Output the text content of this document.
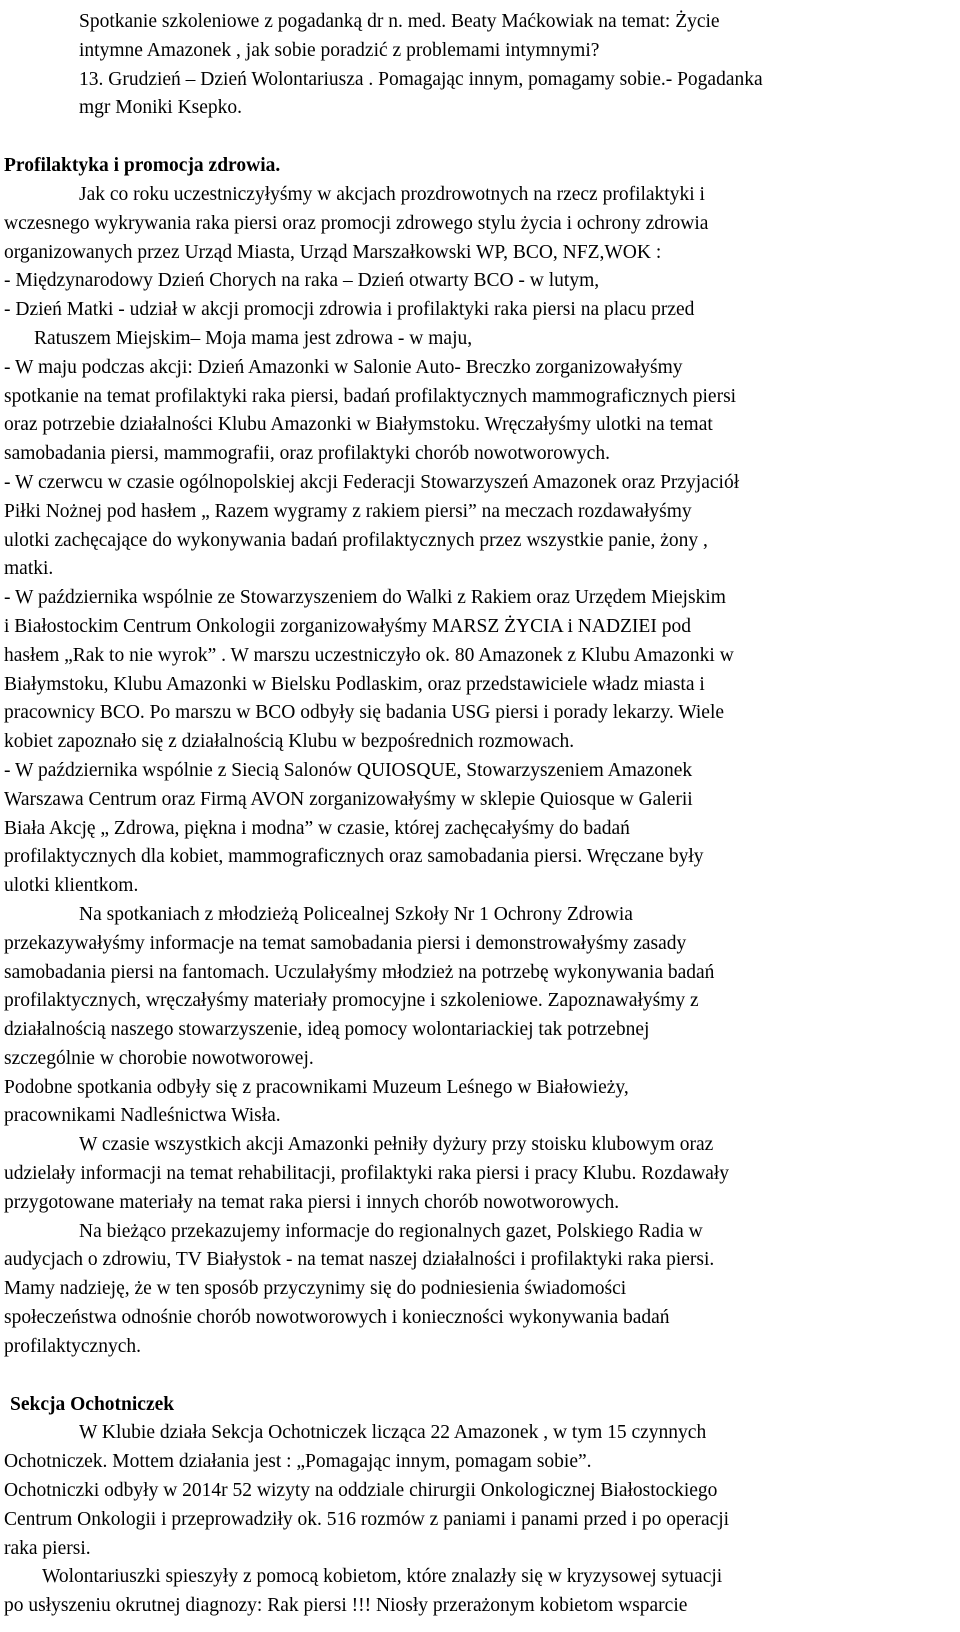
Spotkanie szkoleniowe z pogadanką dr n. med. Beaty Maćkowiak na temat: Życie

intymne Amazonek , jak sobie poradzić z problemami intymnymi?

13. Grudzień – Dzień Wolontariusza . Pomagając innym, pomagamy sobie.- Pogadanka

mgr Moniki Ksepko.

Profilaktyka i promocja zdrowia.

Jak co roku uczestniczyłyśmy w akcjach prozdrowotnych na rzecz profilaktyki i

wczesnego wykrywania raka piersi oraz promocji zdrowego stylu życia i ochrony zdrowia

organizowanych przez Urząd Miasta, Urząd Marszałkowski WP, BCO, NFZ,WOK :

- Międzynarodowy Dzień Chorych na raka – Dzień otwarty BCO - w lutym,

- Dzień Matki - udział w akcji promocji zdrowia i profilaktyki raka piersi na placu przed

Ratuszem Miejskim– Moja mama jest zdrowa - w maju,

- W maju podczas akcji: Dzień Amazonki w Salonie Auto- Breczko zorganizowałyśmy

spotkanie na temat profilaktyki raka piersi, badań profilaktycznych mammograficznych piersi

oraz potrzebie działalności Klubu Amazonki w Białymstoku. Wręczałyśmy ulotki na temat

samobadania piersi, mammografii, oraz profilaktyki chorób nowotworowych.

- W czerwcu w czasie ogólnopolskiej akcji Federacji Stowarzyszeń Amazonek oraz Przyjaciół

Piłki Nożnej pod hasłem „ Razem wygramy z rakiem piersi” na meczach rozdawałyśmy

ulotki zachęcające do wykonywania badań profilaktycznych przez wszystkie panie, żony ,

matki.

- W października wspólnie ze Stowarzyszeniem do Walki z Rakiem oraz Urzędem Miejskim

i Białostockim Centrum Onkologii zorganizowałyśmy MARSZ ŻYCIA i NADZIEI pod

hasłem „Rak to nie wyrok” . W marszu uczestniczyło ok. 80 Amazonek z Klubu Amazonki w

Białymstoku, Klubu Amazonki w Bielsku Podlaskim, oraz przedstawiciele władz miasta i

pracownicy BCO. Po marszu w BCO odbyły się badania USG piersi i porady lekarzy. Wiele

kobiet zapoznało się z działalnością Klubu w bezpośrednich rozmowach.

- W października wspólnie z Siecią Salonów QUIOSQUE, Stowarzyszeniem Amazonek

Warszawa Centrum oraz Firmą AVON zorganizowałyśmy w sklepie Quiosque w Galerii

Biała Akcję „ Zdrowa, piękna i modna” w czasie, której zachęcałyśmy do badań

profilaktycznych dla kobiet, mammograficznych oraz samobadania piersi. Wręczane były

ulotki klientkom.

Na spotkaniach z młodzieżą Policealnej Szkoły Nr 1 Ochrony Zdrowia

przekazywałyśmy informacje na temat samobadania piersi i demonstrowałyśmy zasady

samobadania piersi na fantomach. Uczulałyśmy młodzież na potrzebę wykonywania badań

profilaktycznych, wręczałyśmy materiały promocyjne i szkoleniowe. Zapoznawałyśmy z

działalnością naszego stowarzyszenie, ideą pomocy wolontariackiej tak potrzebnej

szczególnie w chorobie nowotworowej.

Podobne spotkania odbyły się z pracownikami Muzeum Leśnego w Białowieży,

pracownikami Nadleśnictwa Wisła.

W czasie wszystkich akcji Amazonki pełniły dyżury przy stoisku klubowym oraz

udzielały informacji na temat rehabilitacji, profilaktyki raka piersi i pracy Klubu. Rozdawały

przygotowane materiały na temat raka piersi i innych chorób nowotworowych.

Na bieżąco przekazujemy informacje do regionalnych gazet, Polskiego Radia w

audycjach o zdrowiu, TV Białystok - na temat naszej działalności i profilaktyki raka piersi.

Mamy nadzieję, że w ten sposób przyczynimy się do podniesienia świadomości

społeczeństwa odnośnie chorób nowotworowych i konieczności wykonywania badań

profilaktycznych.

Sekcja Ochotniczek

W Klubie działa Sekcja Ochotniczek licząca 22 Amazonek , w tym 15 czynnych

Ochotniczek. Mottem działania jest : „Pomagając innym, pomagam sobie”.

Ochotniczki odbyły w 2014r 52 wizyty na oddziale chirurgii Onkologicznej Białostockiego

Centrum Onkologii i przeprowadziły ok. 516 rozmów z paniami i panami przed i po operacji

raka piersi.

Wolontariuszki spieszyły z pomocą kobietom, które znalazły się w kryzysowej sytuacji

po usłyszeniu okrutnej diagnozy: Rak piersi !!! Niosły przerażonym kobietom wsparcie
